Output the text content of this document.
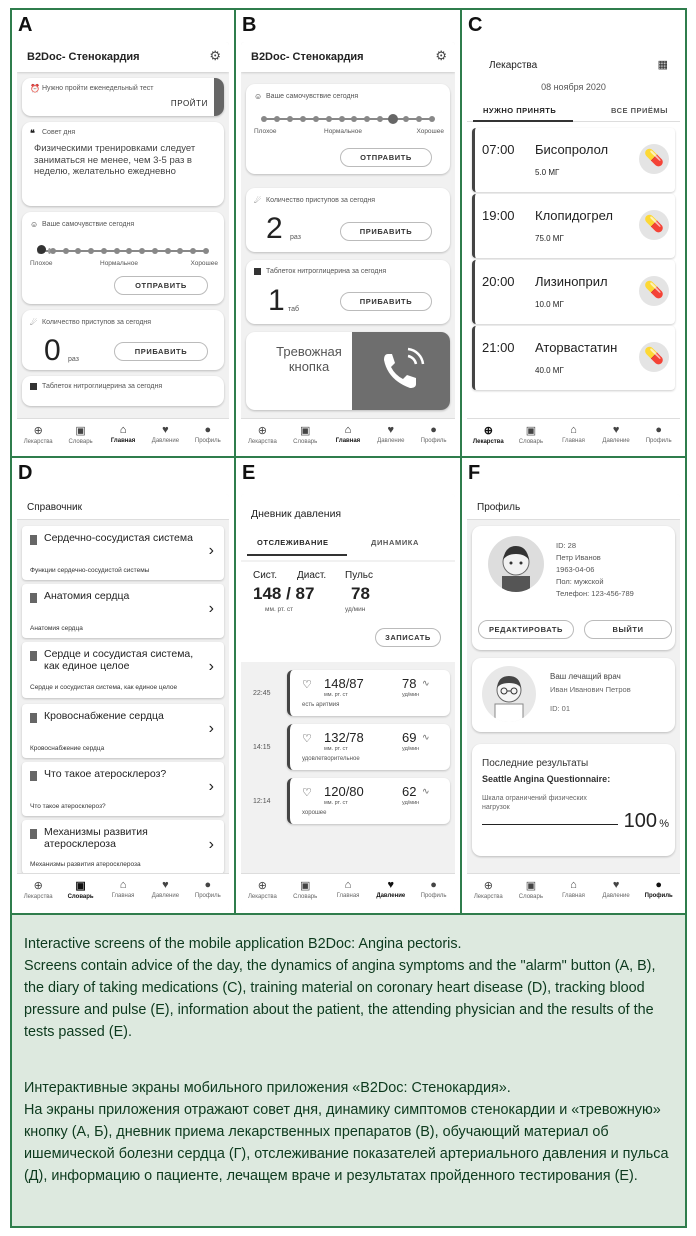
A
B2Doc- Стенокардия	⚙
⏰ Нужно пройти еженедельный тест
ПРОЙТИ
❝ Совет дня
Физическими тренировками следует заниматься не менее, чем 3-5 раз в неделю, желательно ежедневно
☺ Ваше самочувствие сегодня
Плохое	Нормальное	Хорошее
ОТПРАВИТЬ
☄ Количество приступов за сегодня
0 раз
ПРИБАВИТЬ
Таблеток нитроглицерина за сегодня
⊕
Лекарства
▣
Словарь
⌂
Главная
♥
Давление
●
Профиль
B
B2Doc- Стенокардия	⚙
☺ Ваше самочувствие сегодня
Плохое	Нормальное	Хорошее
ОТПРАВИТЬ
☄ Количество приступов за сегодня
2 раз
ПРИБАВИТЬ
Таблеток нитроглицерина за сегодня
1 таб
ПРИБАВИТЬ
Тревожная кнопка
⊕
Лекарства
▣
Словарь
⌂
Главная
♥
Давление
●
Профиль
C
Лекарства	▦
08 ноября 2020
НУЖНО ПРИНЯТЬ	ВСЕ ПРИЁМЫ
07:00 Бисопролол
5.0 МГ
💊
19:00 Клопидогрел
75.0 МГ
💊
20:00 Лизиноприл
10.0 МГ
💊
21:00 Аторвастатин
40.0 МГ
💊
⊕
Лекарства
▣
Словарь
⌂
Главная
♥
Давление
●
Профиль
D
Справочник
Сердечно-сосудистая система
Функции сердечно-сосудистой системы
›
Анатомия сердца
Анатомия сердца
›
Сердце и сосудистая система, как единое целое
Сердце и сосудистая система, как единое целое
›
Кровоснабжение сердца
Кровоснабжение сердца
›
Что такое атеросклероз?
Что такое атеросклероз?
›
Механизмы развития атеросклероза
Механизмы развития атеросклероза
›
⊕
Лекарства
▣
Словарь
⌂
Главная
♥
Давление
●
Профиль
E
Дневник давления
ОТСЛЕЖИВАНИЕ	ДИНАМИКА
Сист. Диаст. Пульс
148 / 87 78
мм. рт. ст	уд/мин
ЗАПИСАТЬ
22:45
♡ 148/87
мм. рт. ст
есть аритмия
78 ∿
уд/мин
14:15
♡ 132/78
мм. рт. ст
удовлетворительное
69 ∿
уд/мин
12:14
♡ 120/80
мм. рт. ст
хорошее
62 ∿
уд/мин
⊕
Лекарства
▣
Словарь
⌂
Главная
♥
Давление
●
Профиль
F
Профиль
ID: 28
Петр Иванов
1963-04-06
Пол: мужской
Телефон: 123-456-789
РЕДАКТИРОВАТЬ	ВЫЙТИ
Ваш лечащий врач
Иван Иванович Петров
ID: 01
Последние результаты
Seattle Angina Questionnaire:
Шкала ограничений физических нагрузок
100 %
⊕
Лекарства
▣
Словарь
⌂
Главная
♥
Давление
●
Профиль
Interactive screens of the mobile application B2Doc: Angina pectoris.
Screens contain advice of the day, the dynamics of angina symptoms and the "alarm" button (A, B), the diary of taking medications (C), training material on coronary heart disease (D), tracking blood pressure and pulse (E), information about the patient, the attending physician and the results of the tests passed (E).
Интерактивные экраны мобильного приложения «B2Doc: Стенокардия».
На экраны приложения отражают совет дня, динамику симптомов стенокардии и «тревожную» кнопку (А, Б), дневник приема лекарственных препаратов (В), обучающий материал об ишемической болезни сердца (Г), отслеживание показателей артериального давления и пульса (Д), информацию о пациенте, лечащем враче и результатах пройденного тестирования (Е).
